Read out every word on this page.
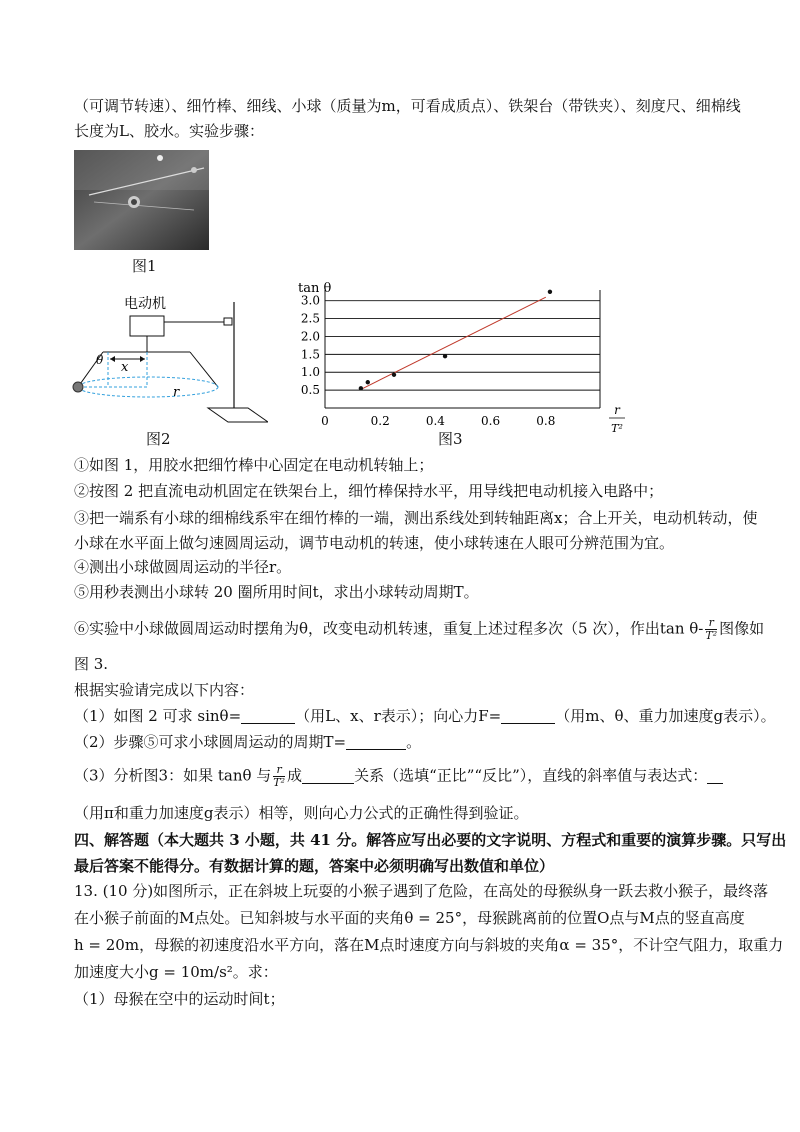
（可调节转速）、细竹棒、细线、小球（质量为m，可看成质点）、铁架台（带铁夹）、刻度尺、细棉线
长度为L、胶水。实验步骤：
图1
电动机
x
θ
r
图2
0.5
1.0
1.5
2.0
2.5
3.0
0	0.2	0.4	0.6	0.8
tan θ
r
T²
图3
①如图 1，用胶水把细竹棒中心固定在电动机转轴上；
②按图 2 把直流电动机固定在铁架台上，细竹棒保持水平，用导线把电动机接入电路中；
③把一端系有小球的细棉线系牢在细竹棒的一端，测出系线处到转轴距离x；合上开关，电动机转动，使
小球在水平面上做匀速圆周运动，调节电动机的转速，使小球转速在人眼可分辨范围为宜。
④测出小球做圆周运动的半径r。
⑤用秒表测出小球转 20 圈所用时间t，求出小球转动周期T。
⑥实验中小球做圆周运动时摆角为θ，改变电动机转速，重复上述过程多次（5 次），作出$\tan \theta- \frac{r}{\text{T²}}$ 图像如
图 3.
根据实验请完成以下内容：
（1）如图 2 可求 sinθ=	（用L、x、r表示）；向心力F=	（用m、θ、重力加速度g表示）。
（2）步骤⑤可求小球圆周运动的周期T=	。
（3）分析图3：如果 tanθ 与 $\frac{r}{\text{T²}}$ 成	关系（选填“正比”“反比”），直线的斜率值与表达式：
（用π和重力加速度g表示）相等，则向心力公式的正确性得到验证。
四、解答题（本大题共 3 小题，共 41 分。解答应写出必要的文字说明、方程式和重要的演算步骤。只写出
最后答案不能得分。有数据计算的题，答案中必须明确写出数值和单位）
13. (10 分)如图所示，正在斜坡上玩耍的小猴子遇到了危险，在高处的母猴纵身一跃去救小猴子，最终落
在小猴子前面的M点处。已知斜坡与水平面的夹角θ = 25°，母猴跳离前的位置O点与M点的竖直高度
h = 20m，母猴的初速度沿水平方向，落在M点时速度方向与斜坡的夹角α = 35°，不计空气阻力，取重力
加速度大小g = 10m/s²。求：
（1）母猴在空中的运动时间t；
